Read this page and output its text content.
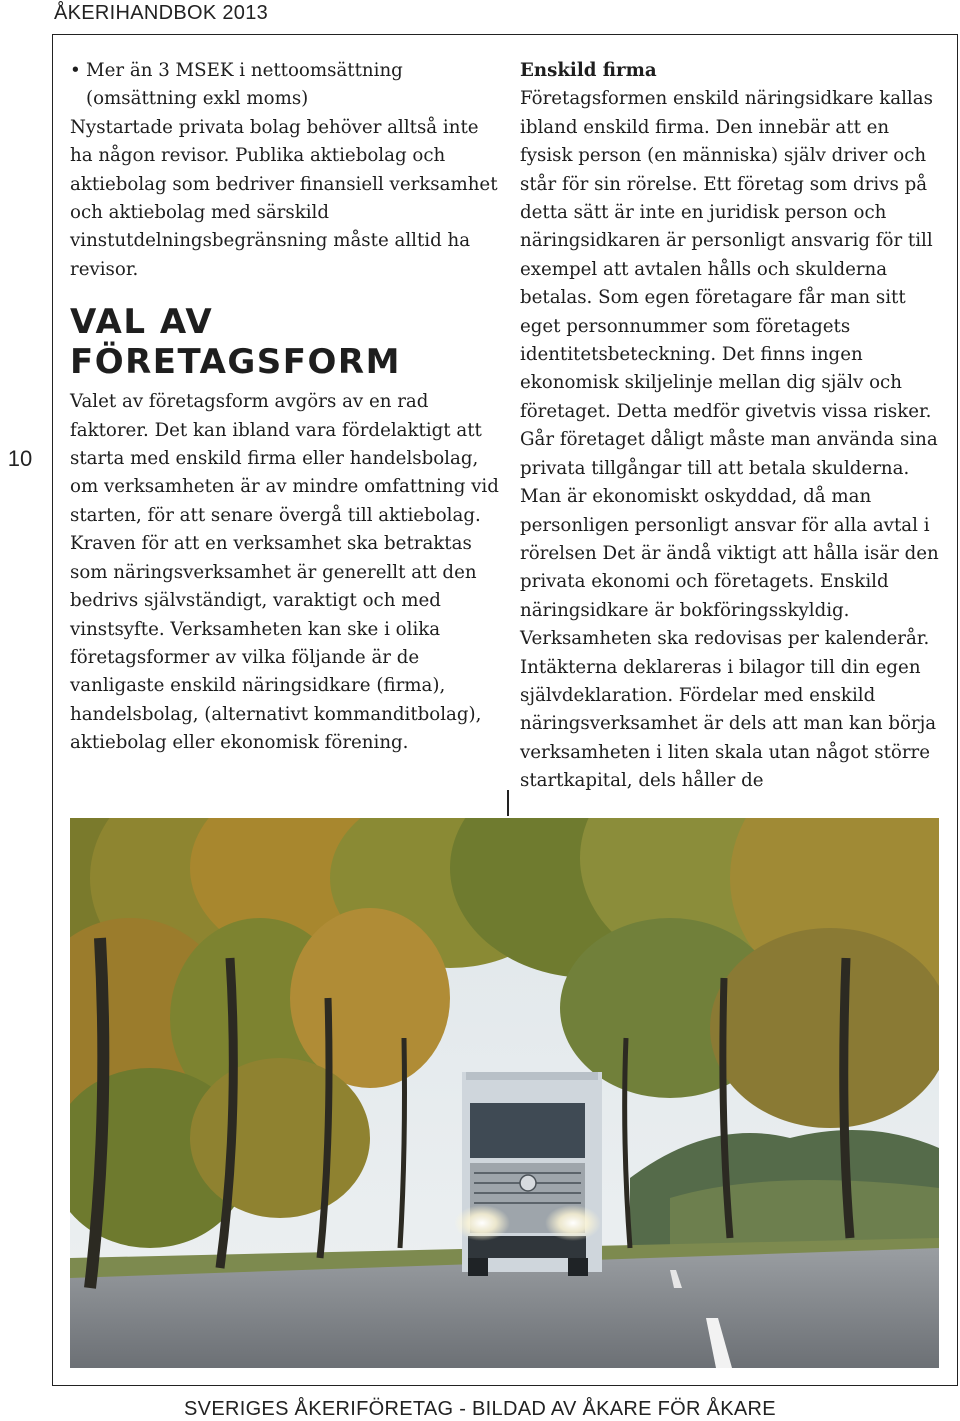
ÅKERIHANDBOK 2013
10
• Mer än 3 MSEK i nettoomsättning (omsättning exkl moms)

Nystartade privata bolag behöver alltså inte ha någon revisor. Publika aktiebolag och aktiebolag som bedriver finansiell verksamhet och aktiebolag med särskild vinstutdelningsbegränsning måste alltid ha revisor.

VAL AV FÖRETAGSFORM

Valet av företagsform avgörs av en rad faktorer. Det kan ibland vara fördelaktigt att starta med enskild firma eller handelsbolag, om verksamheten är av mindre omfattning vid starten, för att senare övergå till aktiebolag. Kraven för att en verksamhet ska betraktas som näringsverksamhet är generellt att den bedrivs självständigt, varaktigt och med vinstsyfte. Verksamheten kan ske i olika företagsformer av vilka följande är de vanligaste enskild näringsidkare (firma), handelsbolag, (alternativt kommanditbolag), aktiebolag eller ekonomisk förening.

Enskild firma

Företagsformen enskild näringsidkare kallas ibland enskild firma. Den innebär att en fysisk person (en människa) själv driver och står för sin rörelse. Ett företag som drivs på detta sätt är inte en juridisk person och näringsidkaren är personligt ansvarig för till exempel att avtalen hålls och skulderna betalas. Som egen företagare får man sitt eget personnummer som företagets identitetsbeteckning. Det finns ingen ekonomisk skiljelinje mellan dig själv och företaget. Detta medför givetvis vissa risker. Går företaget dåligt måste man använda sina privata tillgångar till att betala skulderna. Man är ekonomiskt oskyddad, då man personligen personligt ansvar för alla avtal i rörelsen Det är ändå viktigt att hålla isär den privata ekonomi och företagets. Enskild näringsidkare är bokföringsskyldig. Verksamheten ska redovisas per kalenderår. Intäkterna deklareras i bilagor till din egen självdeklaration. Fördelar med enskild näringsverksamhet är dels att man kan börja verksamheten i liten skala utan något större startkapital, dels håller de

SVERIGES ÅKERIFÖRETAG - BILDAD AV ÅKARE FÖR ÅKARE
